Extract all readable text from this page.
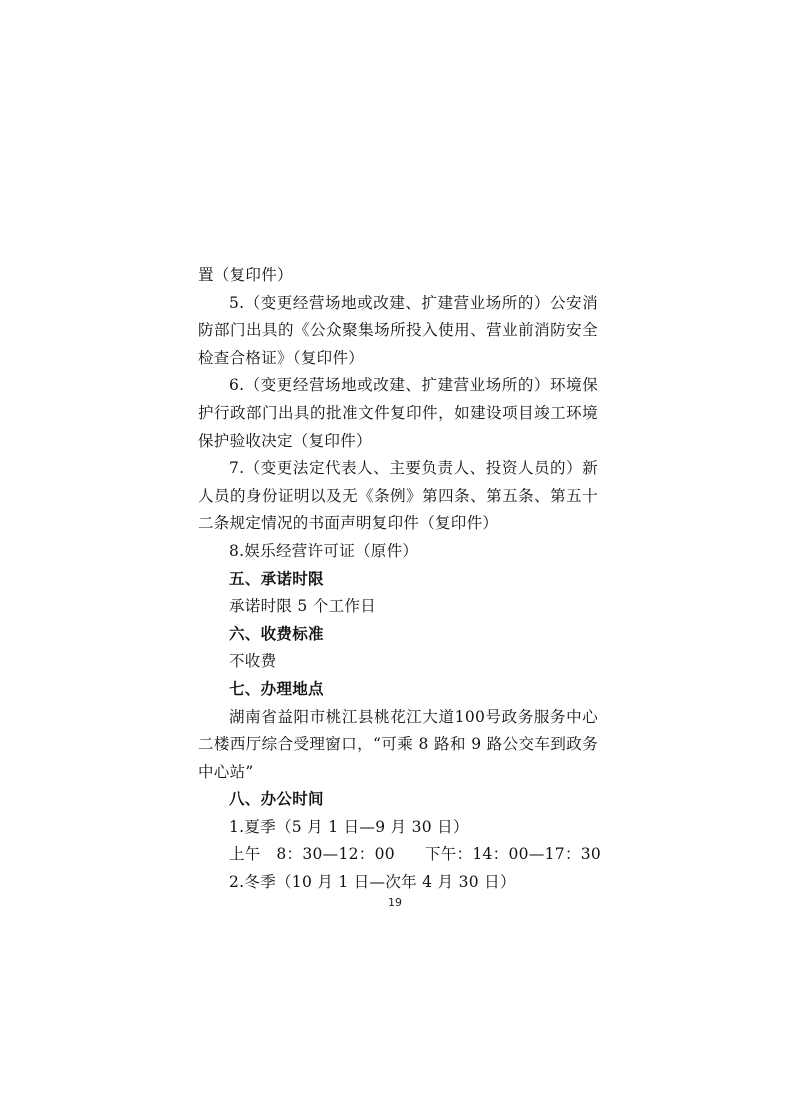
置（复印件）
5.（变更经营场地或改建、扩建营业场所的）公安消
防部门出具的《公众聚集场所投入使用、营业前消防安全
检查合格证》（复印件）
6.（变更经营场地或改建、扩建营业场所的）环境保
护行政部门出具的批准文件复印件，如建设项目竣工环境
保护验收决定（复印件）
7.（变更法定代表人、主要负责人、投资人员的）新
人员的身份证明以及无《条例》第四条、第五条、第五十
二条规定情况的书面声明复印件（复印件）
8.娱乐经营许可证（原件）
五、承诺时限
承诺时限 5 个工作日
六、收费标准
不收费
七、办理地点
湖南省益阳市桃江县桃花江大道100号政务服务中心
二楼西厅综合受理窗口，“可乘 8 路和 9 路公交车到政务
中心站”
八、办公时间
1.夏季（5 月 1 日—9 月 30 日）
上午　8：30—12：00 下午：14：00—17：30
2.冬季（10 月 1 日—次年 4 月 30 日）
19
